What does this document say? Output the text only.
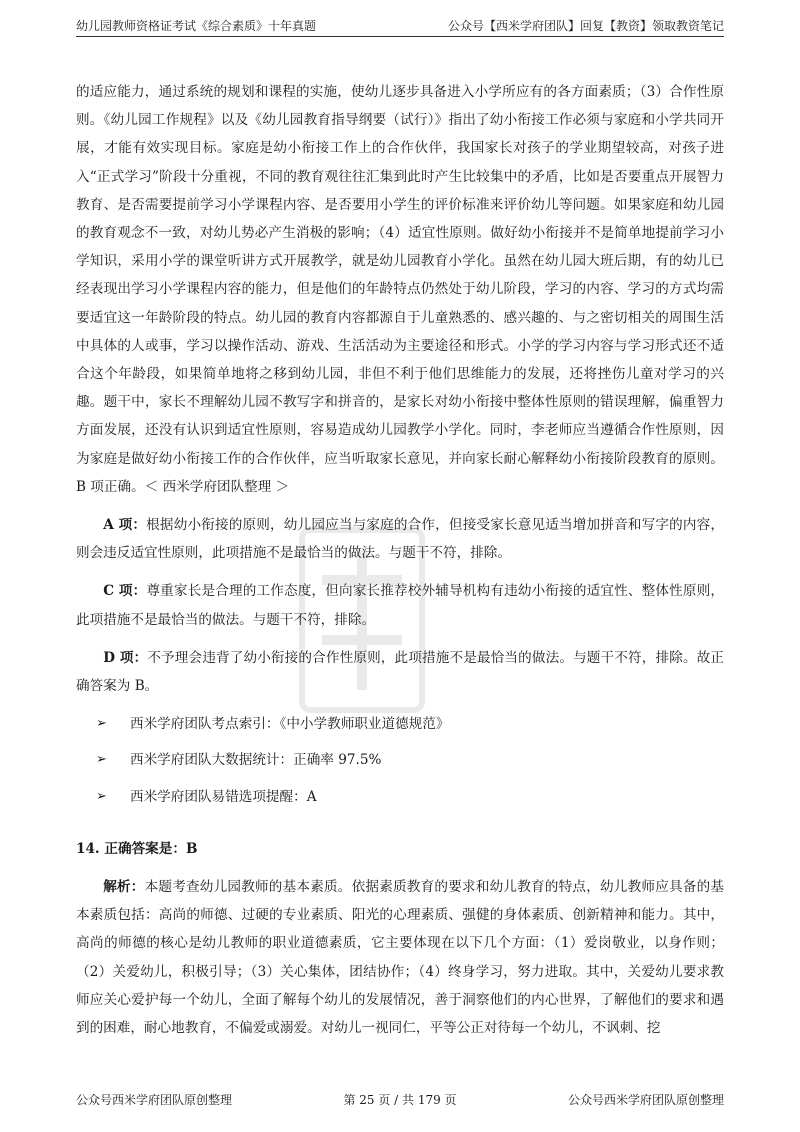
幼儿园教师资格证考试《综合素质》十年真题	公众号【西米学府团队】回复【教资】领取教资笔记

的适应能力，通过系统的规划和课程的实施，使幼儿逐步具备进入小学所应有的各方面素质；（3）合作性原则。《幼儿园工作规程》以及《幼儿园教育指导纲要（试行）》指出了幼小衔接工作必须与家庭和小学共同开展，才能有效实现目标。家庭是幼小衔接工作上的合作伙伴，我国家长对孩子的学业期望较高，对孩子进入“正式学习”阶段十分重视，不同的教育观往往汇集到此时产生比较集中的矛盾，比如是否要重点开展智力教育、是否需要提前学习小学课程内容、是否要用小学生的评价标准来评价幼儿等问题。如果家庭和幼儿园的教育观念不一致，对幼儿势必产生消极的影响；（4）适宜性原则。做好幼小衔接并不是简单地提前学习小学知识，采用小学的课堂听讲方式开展教学，就是幼儿园教育小学化。虽然在幼儿园大班后期，有的幼儿已经表现出学习小学课程内容的能力，但是他们的年龄特点仍然处于幼儿阶段，学习的内容、学习的方式均需要适宜这一年龄阶段的特点。幼儿园的教育内容都源自于儿童熟悉的、感兴趣的、与之密切相关的周围生活中具体的人或事，学习以操作活动、游戏、生活活动为主要途径和形式。小学的学习内容与学习形式还不适合这个年龄段，如果简单地将之移到幼儿园，非但不利于他们思维能力的发展，还将挫伤儿童对学习的兴趣。题干中，家长不理解幼儿园不教写字和拼音的，是家长对幼小衔接中整体性原则的错误理解，偏重智力方面发展，还没有认识到适宜性原则，容易造成幼儿园教学小学化。同时，李老师应当遵循合作性原则，因为家庭是做好幼小衔接工作的合作伙伴，应当听取家长意见，并向家长耐心解释幼小衔接阶段教育的原则。B 项正确。＜ 西米学府团队整理 ＞

A 项：根据幼小衔接的原则，幼儿园应当与家庭的合作，但接受家长意见适当增加拼音和写字的内容，则会违反适宜性原则，此项措施不是最恰当的做法。与题干不符，排除。

C 项：尊重家长是合理的工作态度，但向家长推荐校外辅导机构有违幼小衔接的适宜性、整体性原则，此项措施不是最恰当的做法。与题干不符，排除。

D 项：不予理会违背了幼小衔接的合作性原则，此项措施不是最恰当的做法。与题干不符，排除。故正确答案为 B。

➢ 西米学府团队考点索引：《中小学教师职业道德规范》
➢ 西米学府团队大数据统计：正确率 97.5%
➢ 西米学府团队易错选项提醒：A

14. 正确答案是：B

解析：本题考查幼儿园教师的基本素质。依据素质教育的要求和幼儿教育的特点，幼儿教师应具备的基本素质包括：高尚的师德、过硬的专业素质、阳光的心理素质、强健的身体素质、创新精神和能力。其中，高尚的师德的核心是幼儿教师的职业道德素质，它主要体现在以下几个方面：（1）爱岗敬业，以身作则；（2）关爱幼儿，积极引导；（3）关心集体，团结协作；（4）终身学习，努力进取。其中，关爱幼儿要求教师应关心爱护每一个幼儿，全面了解每个幼儿的发展情况，善于洞察他们的内心世界，了解他们的要求和遇到的困难，耐心地教育，不偏爱或溺爱。对幼儿一视同仁，平等公正对待每一个幼儿，不讽刺、挖

公众号西米学府团队原创整理	第 25 页 / 共 179 页	公众号西米学府团队原创整理
